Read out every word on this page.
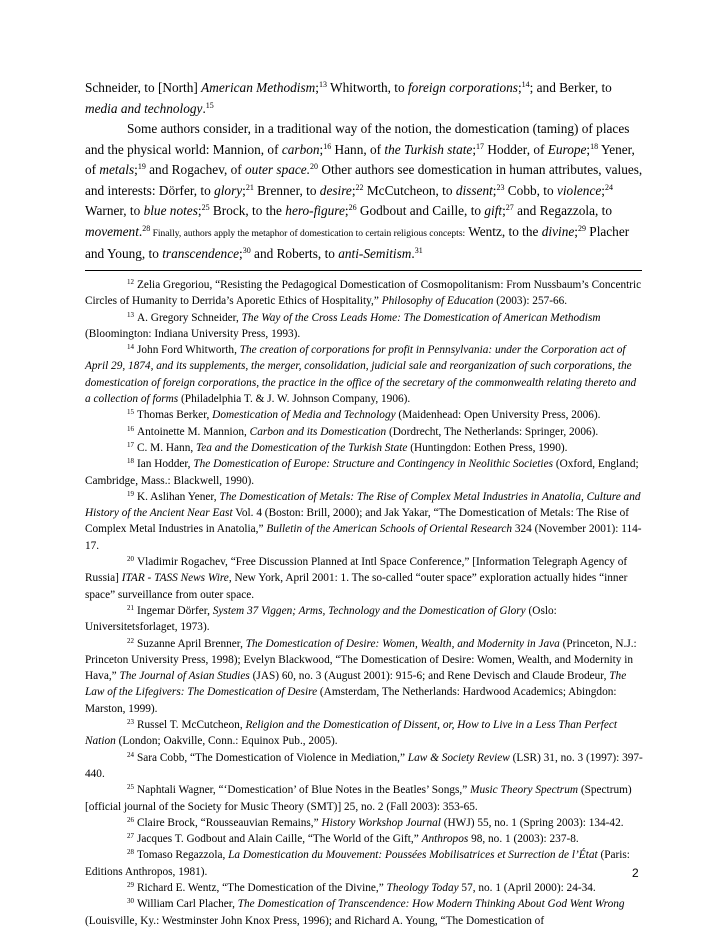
Schneider, to [North] American Methodism;$^{13}$ Whitworth, to foreign corporations;$^{14}$; and Berker, to media and technology.$^{15}$

Some authors consider, in a traditional way of the notion, the domestication (taming) of places and the physical world: Mannion, of carbon;$^{16}$ Hann, of the Turkish state;$^{17}$ Hodder, of Europe;$^{18}$ Yener, of metals;$^{19}$ and Rogachev, of outer space.$^{20}$ Other authors see domestication in human attributes, values, and interests: Dörfer, to glory;$^{21}$ Brenner, to desire;$^{22}$ McCutcheon, to dissent;$^{23}$ Cobb, to violence;$^{24}$ Warner, to blue notes;$^{25}$ Brock, to the hero-figure;$^{26}$ Godbout and Caille, to gift;$^{27}$ and Regazzola, to movement.$^{28}$ Finally, authors apply the metaphor of domestication to certain religious concepts: Wentz, to the divine;$^{29}$ Placher and Young, to transcendence;$^{30}$ and Roberts, to anti-Semitism.$^{31}$

$^{12}$ Zelia Gregoriou, “Resisting the Pedagogical Domestication of Cosmopolitanism: From Nussbaum’s Concentric Circles of Humanity to Derrida’s Aporetic Ethics of Hospitality,” Philosophy of Education (2003): 257-66.

$^{13}$ A. Gregory Schneider, The Way of the Cross Leads Home: The Domestication of American Methodism (Bloomington: Indiana University Press, 1993).

$^{14}$ John Ford Whitworth, The creation of corporations for profit in Pennsylvania: under the Corporation act of April 29, 1874, and its supplements, the merger, consolidation, judicial sale and reorganization of such corporations, the domestication of foreign corporations, the practice in the office of the secretary of the commonwealth relating thereto and a collection of forms (Philadelphia T. & J. W. Johnson Company, 1906).

$^{15}$ Thomas Berker, Domestication of Media and Technology (Maidenhead: Open University Press, 2006).

$^{16}$ Antoinette M. Mannion, Carbon and its Domestication (Dordrecht, The Netherlands: Springer, 2006).

$^{17}$ C. M. Hann, Tea and the Domestication of the Turkish State (Huntingdon: Eothen Press, 1990).

$^{18}$ Ian Hodder, The Domestication of Europe: Structure and Contingency in Neolithic Societies (Oxford, England; Cambridge, Mass.: Blackwell, 1990).

$^{19}$ K. Aslihan Yener, The Domestication of Metals: The Rise of Complex Metal Industries in Anatolia, Culture and History of the Ancient Near East Vol. 4 (Boston: Brill, 2000); and Jak Yakar, “The Domestication of Metals: The Rise of Complex Metal Industries in Anatolia,” Bulletin of the American Schools of Oriental Research 324 (November 2001): 114-17.

$^{20}$ Vladimir Rogachev, “Free Discussion Planned at Intl Space Conference,” [Information Telegraph Agency of Russia] ITAR - TASS News Wire, New York, April 2001: 1. The so-called “outer space” exploration actually hides “inner space” surveillance from outer space.

$^{21}$ Ingemar Dörfer, System 37 Viggen; Arms, Technology and the Domestication of Glory (Oslo: Universitetsforlaget, 1973).

$^{22}$ Suzanne April Brenner, The Domestication of Desire: Women, Wealth, and Modernity in Java (Princeton, N.J.: Princeton University Press, 1998); Evelyn Blackwood, “The Domestication of Desire: Women, Wealth, and Modernity in Hava,” The Journal of Asian Studies (JAS) 60, no. 3 (August 2001): 915-6; and Rene Devisch and Claude Brodeur, The Law of the Lifegivers: The Domestication of Desire (Amsterdam, The Netherlands: Hardwood Academics; Abingdon: Marston, 1999).

$^{23}$ Russel T. McCutcheon, Religion and the Domestication of Dissent, or, How to Live in a Less Than Perfect Nation (London; Oakville, Conn.: Equinox Pub., 2005).

$^{24}$ Sara Cobb, “The Domestication of Violence in Mediation,” Law & Society Review (LSR) 31, no. 3 (1997): 397-440.

$^{25}$ Naphtali Wagner, “‘Domestication’ of Blue Notes in the Beatles’ Songs,” Music Theory Spectrum (Spectrum) [official journal of the Society for Music Theory (SMT)] 25, no. 2 (Fall 2003): 353-65.

$^{26}$ Claire Brock, “Rousseauvian Remains,” History Workshop Journal (HWJ) 55, no. 1 (Spring 2003): 134-42.

$^{27}$ Jacques T. Godbout and Alain Caille, “The World of the Gift,” Anthropos 98, no. 1 (2003): 237-8.

$^{28}$ Tomaso Regazzola, La Domestication du Mouvement: Poussées Mobilisatrices et Surrection de l’État (Paris: Editions Anthropos, 1981).

$^{29}$ Richard E. Wentz, “The Domestication of the Divine,” Theology Today 57, no. 1 (April 2000): 24-34.

$^{30}$ William Carl Placher, The Domestication of Transcendence: How Modern Thinking About God Went Wrong (Louisville, Ky.: Westminster John Knox Press, 1996); and Richard A. Young, “The Domestication of

2
